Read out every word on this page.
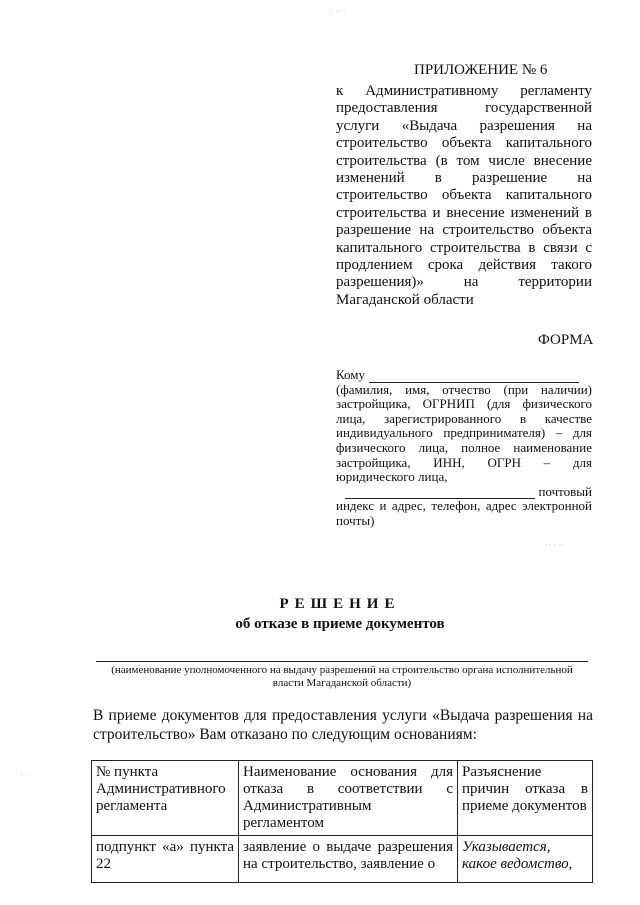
· ·· ·
·· · ··
· ·
ПРИЛОЖЕНИЕ № 6
к Административному регламенту предоставления государственной услуги «Выдача разрешения на строительство объекта капитального строительства (в том числе внесение изменений в разрешение на строительство объекта капитального строительства и внесение изменений в разрешение на строительство объекта капитального строительства в связи с продлением срока действия такого разрешения)» на территории Магаданской области
ФОРМА
Кому
(фамилия, имя, отчество (при наличии) застройщика, ОГРНИП (для физического лица, зарегистрированного в качестве индивидуального предпринимателя) – для физического лица, полное наименование застройщика, ИНН, ОГРН – для юридического лица,
почтовый
индекс и адрес, телефон, адрес электронной почты)
РЕШЕНИЕ
об отказе в приеме документов
(наименование уполномоченного на выдачу разрешений на строительство органа исполнительной власти Магаданской области)
В приеме документов для предоставления услуги «Выдача разрешения на строительство» Вам отказано по следующим основаниям:
№ пункта Административного регламента	Наименование основания для отказа в соответствии с Административным регламентом	Разъяснение причин отказа в приеме документов
подпункт «а» пункта 22	заявление о выдаче разрешения на строительство, заявление о	Указывается, какое ведомство,
